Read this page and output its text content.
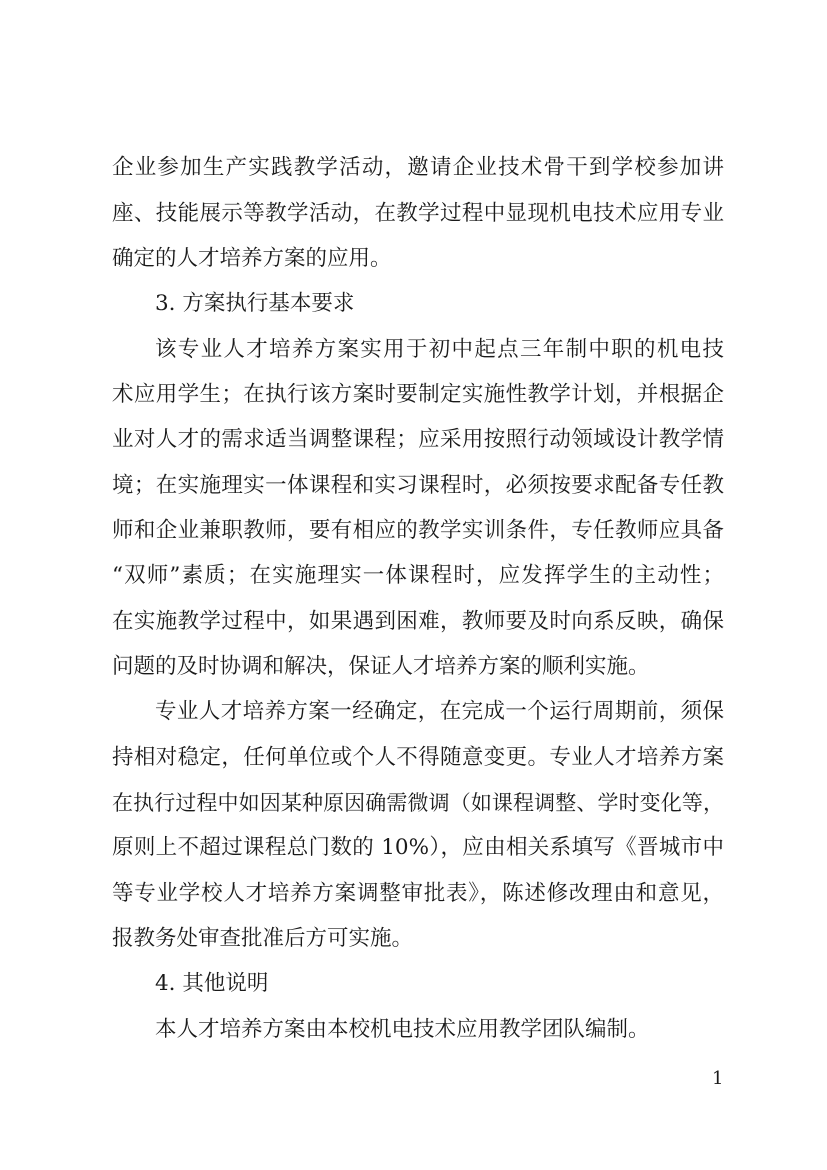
企业参加生产实践教学活动，邀请企业技术骨干到学校参加讲
座、技能展示等教学活动，在教学过程中显现机电技术应用专业
确定的人才培养方案的应用。
3. 方案执行基本要求
该专业人才培养方案实用于初中起点三年制中职的机电技
术应用学生；在执行该方案时要制定实施性教学计划，并根据企
业对人才的需求适当调整课程；应采用按照行动领域设计教学情
境；在实施理实一体课程和实习课程时，必须按要求配备专任教
师和企业兼职教师，要有相应的教学实训条件，专任教师应具备
“双师”素质；在实施理实一体课程时，应发挥学生的主动性；
在实施教学过程中，如果遇到困难，教师要及时向系反映，确保
问题的及时协调和解决，保证人才培养方案的顺利实施。
专业人才培养方案一经确定，在完成一个运行周期前，须保
持相对稳定，任何单位或个人不得随意变更。专业人才培养方案
在执行过程中如因某种原因确需微调（如课程调整、学时变化等，
原则上不超过课程总门数的 10%），应由相关系填写《晋城市中
等专业学校人才培养方案调整审批表》，陈述修改理由和意见，
报教务处审查批准后方可实施。
4. 其他说明
本人才培养方案由本校机电技术应用教学团队编制。
1
